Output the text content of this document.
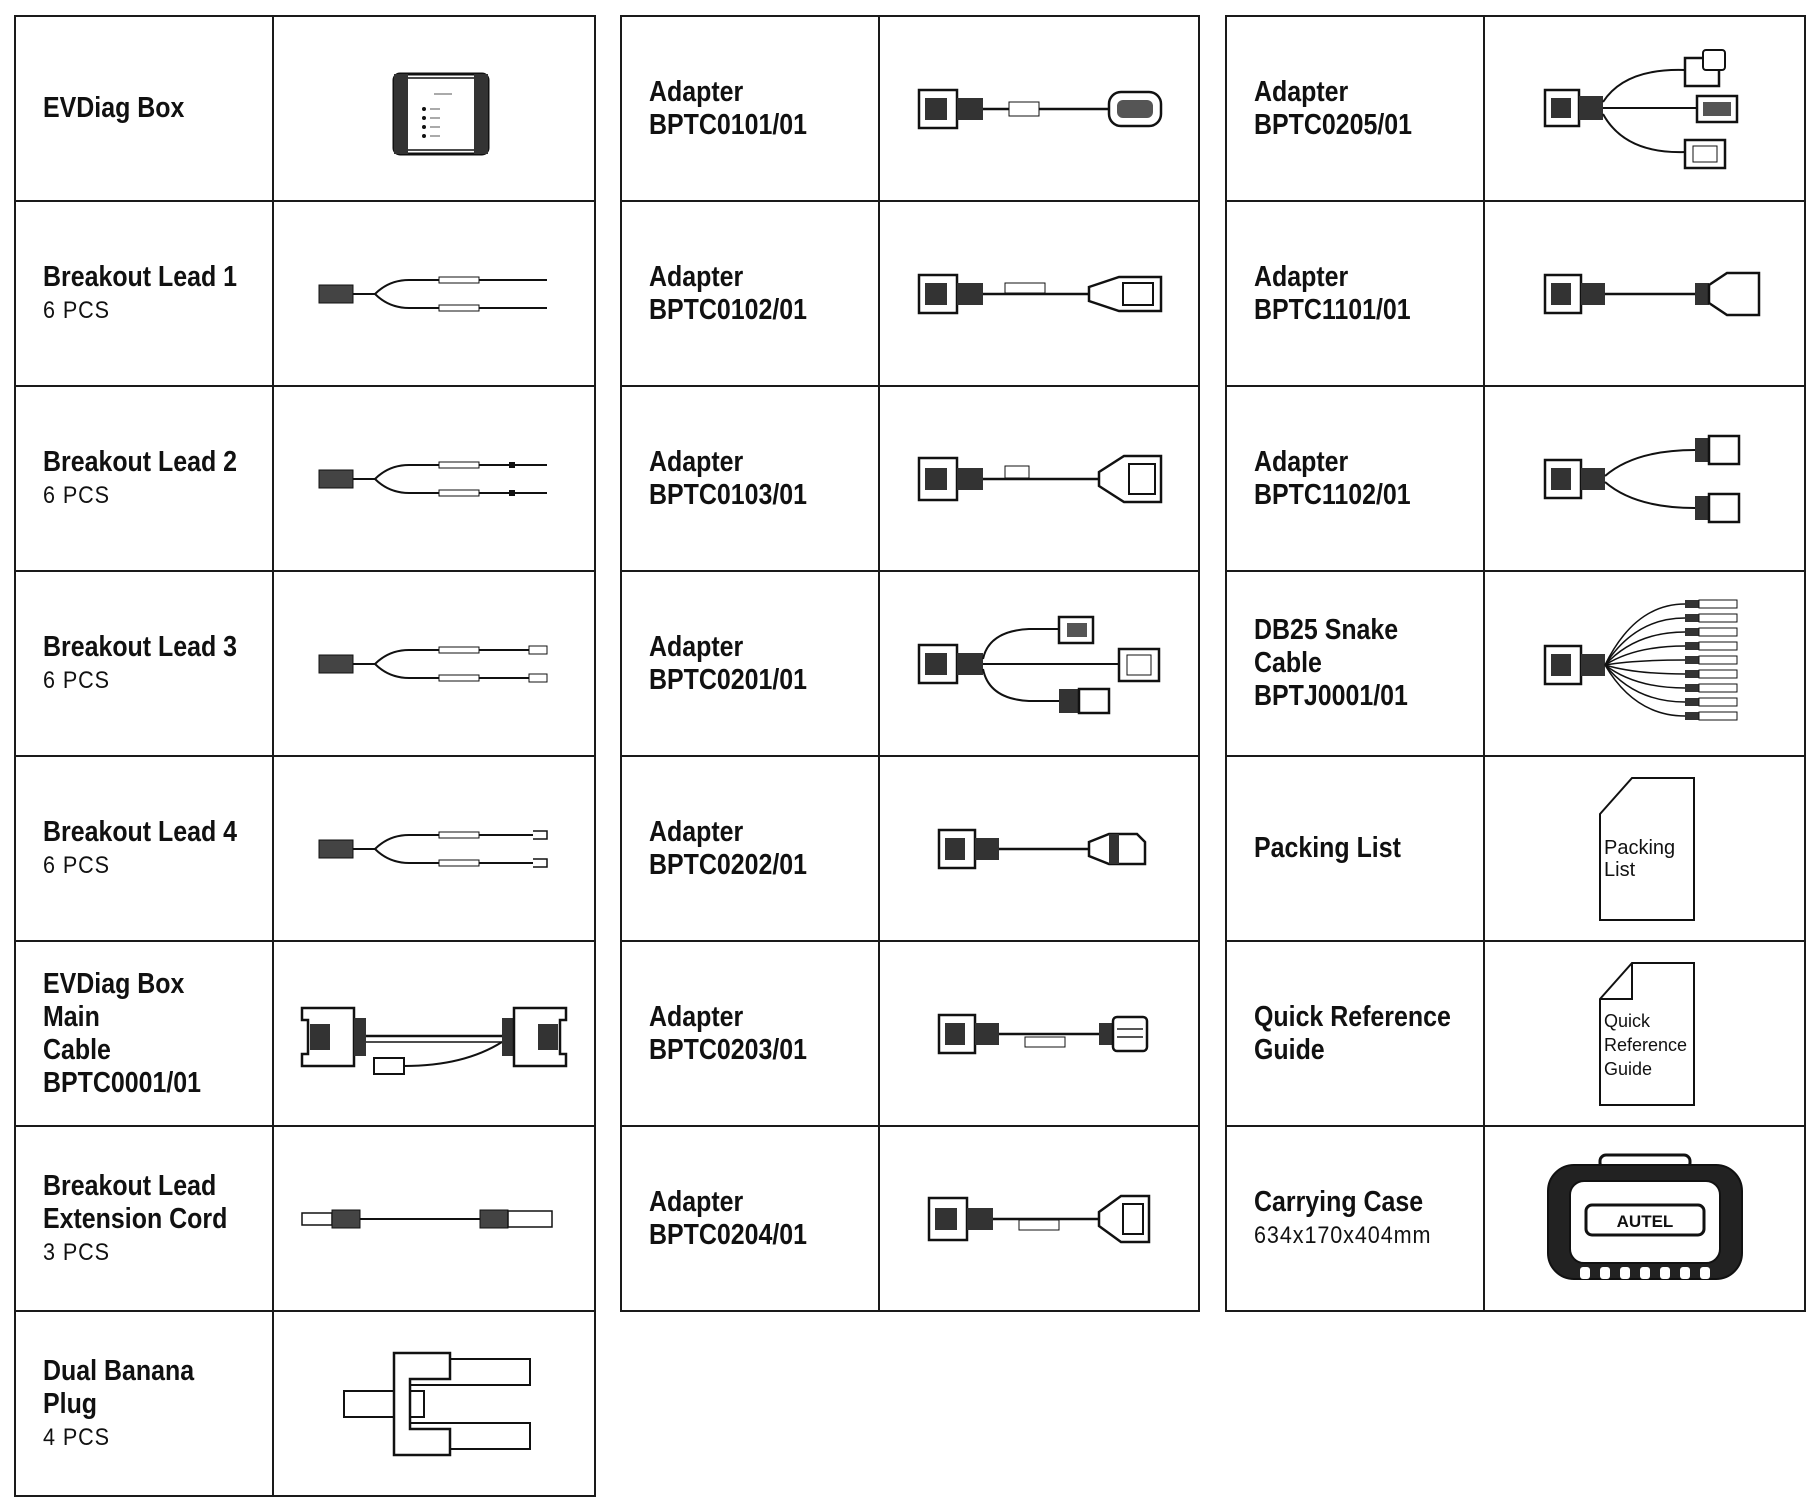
EVDiag Box
Breakout Lead 1
6 PCS
Breakout Lead 2
6 PCS
Breakout Lead 3
6 PCS
Breakout Lead 4
6 PCS
EVDiag Box Main
Cable
BPTC0001/01
Breakout Lead
Extension Cord
3 PCS
Dual Banana Plug
4 PCS
Adapter
BPTC0101/01
Adapter
BPTC0102/01
Adapter
BPTC0103/01
Adapter
BPTC0201/01
Adapter
BPTC0202/01
Adapter
BPTC0203/01
Adapter
BPTC0204/01
Adapter
BPTC0205/01
Adapter
BPTC1101/01
Adapter
BPTC1102/01
DB25 Snake
Cable
BPTJ0001/01
Packing List	Packing List
Quick Reference
Guide
Quick Reference Guide
Carrying Case
634x170x404mm
AUTEL
